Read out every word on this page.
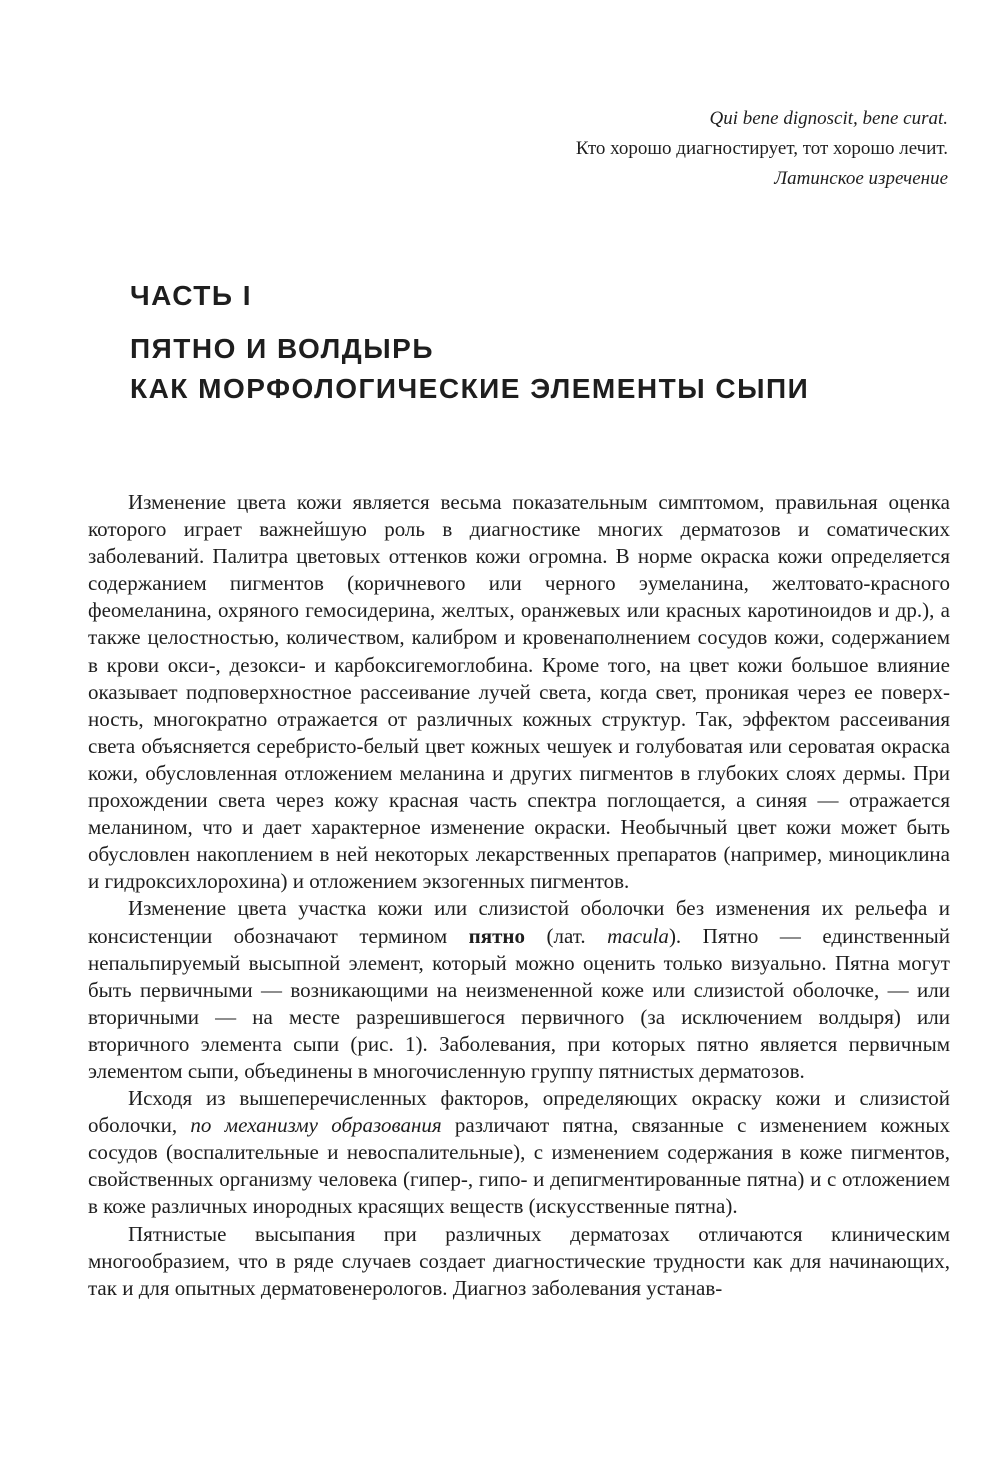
Qui bene dignoscit, bene curat.
Кто хорошо диагностирует, тот хорошо лечит.
Латинское изречение
ЧАСТЬ I
ПЯТНО И ВОЛДЫРЬ
КАК МОРФОЛОГИЧЕСКИЕ ЭЛЕМЕНТЫ СЫПИ

Изменение цвета кожи является весьма показательным симптомом, правильная оценка которого играет важнейшую роль в диагностике многих дерматозов и соматических заболеваний. Палитра цветовых оттенков кожи огромна. В норме окраска кожи определяется содержанием пигментов (коричневого или черного эумеланина, желтовато-красного феомеланина, охряного гемосидерина, желтых, оранжевых или красных каротиноидов и др.), а также целостностью, количеством, калибром и кровенаполнением сосудов кожи, содержанием в крови окси-, дезокси- и карбоксигемоглобина. Кроме того, на цвет кожи большое влияние оказывает подповерхностное рассеивание лучей света, когда свет, проникая через ее поверхность, многократно отражается от различных кожных структур. Так, эффектом рассеивания света объясняется серебристо-белый цвет кожных чешуек и голубоватая или сероватая окраска кожи, обусловленная отложением меланина и других пигментов в глубоких слоях дермы. При прохождении света через кожу красная часть спектра поглощается, а синяя — отражается меланином, что и дает характерное изменение окраски. Необычный цвет кожи может быть обусловлен накоплением в ней некоторых лекарственных препаратов (например, миноциклина и гидроксихлорохина) и отложением экзогенных пигментов.

Изменение цвета участка кожи или слизистой оболочки без изменения их рельефа и консистенции обозначают термином пятно (лат. macula). Пятно — единственный непальпируемый высыпной элемент, который можно оценить только визуально. Пятна могут быть первичными — возникающими на неизмененной коже или слизистой оболочке, — или вторичными — на месте разрешившегося первичного (за исключением волдыря) или вторичного элемента сыпи (рис. 1). Заболевания, при которых пятно является первичным элементом сыпи, объединены в многочисленную группу пятнистых дерматозов.

Исходя из вышеперечисленных факторов, определяющих окраску кожи и слизистой оболочки, по механизму образования различают пятна, связанные с изменением кожных сосудов (воспалительные и невоспалительные), с изменением содержания в коже пигментов, свойственных организму человека (гипер-, гипо- и депигментированные пятна) и с отложением в коже различных инородных красящих веществ (искусственные пятна).

Пятнистые высыпания при различных дерматозах отличаются клиническим многообразием, что в ряде случаев создает диагностические трудности как для начинающих, так и для опытных дерматовенерологов. Диагноз заболевания устанав-
